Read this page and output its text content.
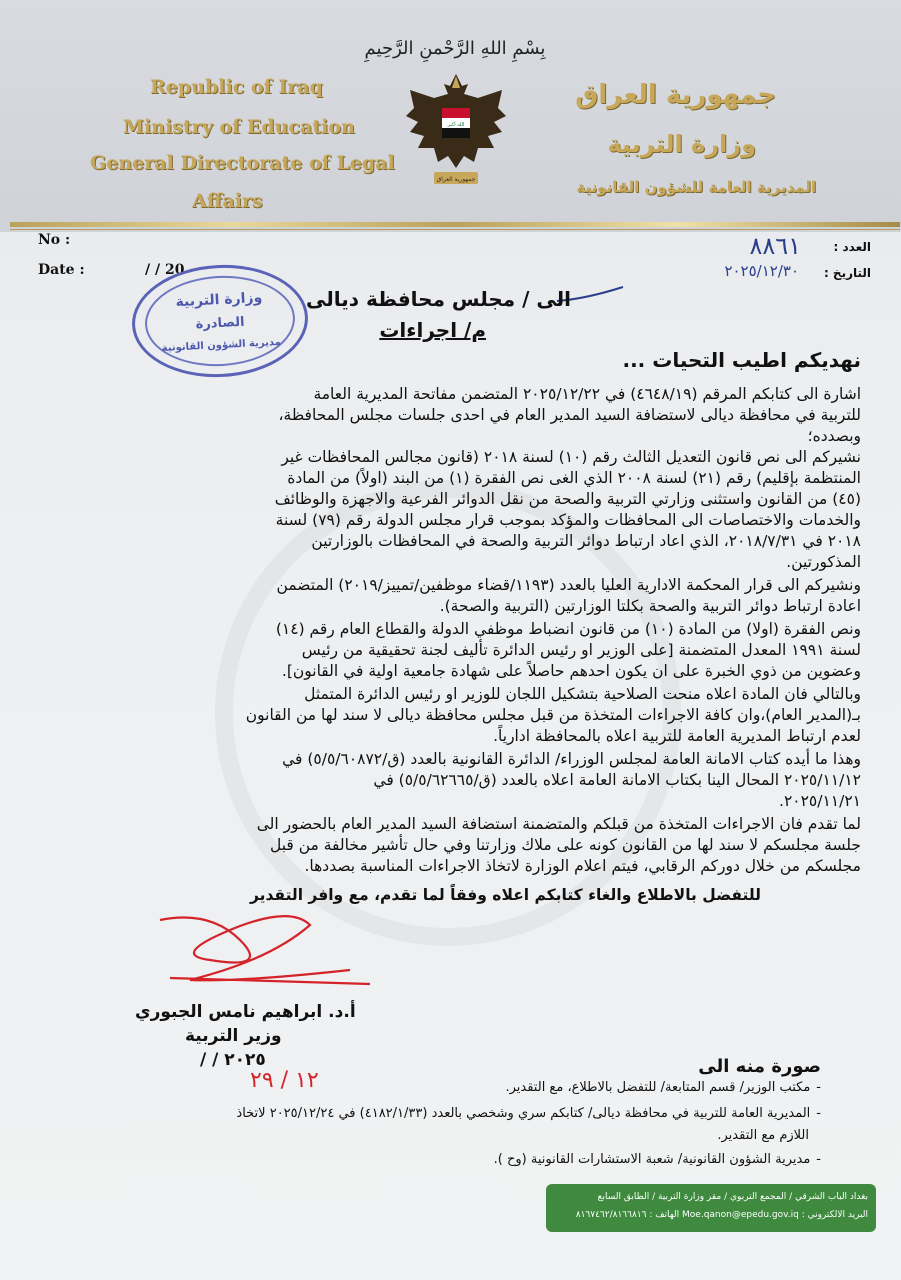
بِسْمِ اللهِ الرَّحْمنِ الرَّحِيمِ
Republic of Iraq
Ministry of Education
General Directorate of Legal
Affairs
جمهورية العراق
وزارة التربية
المديرية العامة للشؤون القانونية
الله أكبر
جمهورية العراق
No :
Date :	/ / 20
العدد :
التاريخ :
٨٨٦١
٢٠٢٥/١٢/٣٠
وزارة التربية
الصادرة
مديرية الشؤون القانونية
الى / مجلس محافظة ديالى
م/ اجراءات
نهديكم اطيب التحيات ...
اشارة الى كتابكم المرقم (٤٦٤٨/١٩) في ٢٠٢٥/١٢/٢٢ المتضمن مفاتحة المديرية العامة
للتربية في محافظة ديالى لاستضافة السيد المدير العام في احدى جلسات مجلس المحافظة،
وبصدده؛
نشيركم الى نص قانون التعديل الثالث رقم (١٠) لسنة ٢٠١٨ (قانون مجالس المحافظات غير
المنتظمة بإقليم) رقم (٢١) لسنة ٢٠٠٨ الذي الغى نص الفقرة (١) من البند (اولاً) من المادة
(٤٥) من القانون واستثنى وزارتي التربية والصحة من نقل الدوائر الفرعية والاجهزة والوظائف
والخدمات والاختصاصات الى المحافظات والمؤكد بموجب قرار مجلس الدولة رقم (٧٩) لسنة
٢٠١٨ في ٢٠١٨/٧/٣١، الذي اعاد ارتباط دوائر التربية والصحة في المحافظات بالوزارتين
المذكورتين.
ونشيركم الى قرار المحكمة الادارية العليا بالعدد (١١٩٣/قضاء موظفين/تمييز/٢٠١٩) المتضمن
اعادة ارتباط دوائر التربية والصحة بكلتا الوزارتين (التربية والصحة).
ونص الفقرة (اولا) من المادة (١٠) من قانون انضباط موظفي الدولة والقطاع العام رقم (١٤)
لسنة ١٩٩١ المعدل المتضمنة [على الوزير او رئيس الدائرة تأليف لجنة تحقيقية من رئيس
وعضوين من ذوي الخبرة على ان يكون احدهم حاصلاً على شهادة جامعية اولية في القانون].
وبالتالي فان المادة اعلاه منحت الصلاحية بتشكيل اللجان للوزير او رئيس الدائرة المتمثل
بـ(المدير العام)،وان كافة الاجراءات المتخذة من قبل مجلس محافظة ديالى لا سند لها من القانون
لعدم ارتباط المديرية العامة للتربية اعلاه بالمحافظة ادارياً.
وهذا ما أيده كتاب الامانة العامة لمجلس الوزراء/ الدائرة القانونية بالعدد (ق/٥/٥/٦٠٨٧٢) في
٢٠٢٥/١١/١٢ المحال الينا بكتاب الامانة العامة اعلاه بالعدد (ق/٥/٥/٦٢٦٦٥) في
٢٠٢٥/١١/٢١.
لما تقدم فان الاجراءات المتخذة من قبلكم والمتضمنة استضافة السيد المدير العام بالحضور الى
جلسة مجلسكم لا سند لها من القانون كونه على ملاك وزارتنا وفي حال تأشير مخالفة من قبل
مجلسكم من خلال دوركم الرقابي، فيتم اعلام الوزارة لاتخاذ الاجراءات المناسبة بصددها.
للتفضل بالاطلاع والغاء كتابكم اعلاه وفقاً لما تقدم، مع وافر التقدير
أ.د. ابراهيم نامس الجبوري
وزير التربية
٢٠٢٥ / /
١٢ / ٢٩
صورة منه الى
- مكتب الوزير/ قسم المتابعة/ للتفضل بالاطلاع، مع التقدير.
- المديرية العامة للتربية في محافظة ديالى/ كتابكم سري وشخصي بالعدد (٤١٨٢/١/٣٣) في ٢٠٢٥/١٢/٢٤ لاتخاذ
اللازم مع التقدير.
- مديرية الشؤون القانونية/ شعبة الاستشارات القانونية (وح ).
بغداد الباب الشرقي / المجمع التربوي / مقر وزارة التربية / الطابق السابع
البريد الالكتروني : Moe.qanon@epedu.gov.iq الهاتف : ٨١٦٧٤٦٢/٨١٦٦٨١٦
